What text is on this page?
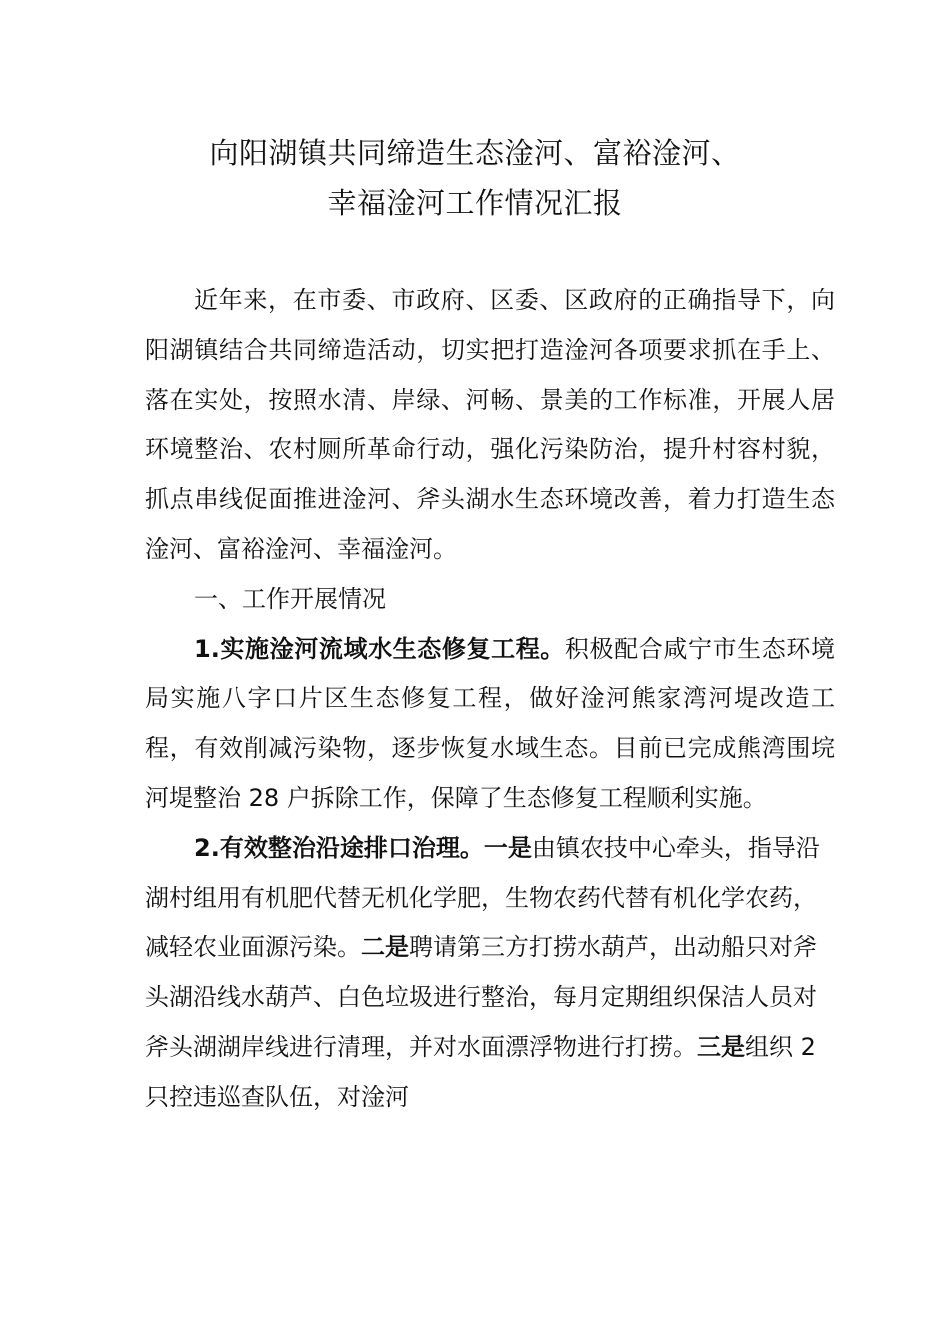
向阳湖镇共同缔造生态淦河、富裕淦河、
幸福淦河工作情况汇报

近年来，在市委、市政府、区委、区政府的正确指导下，向阳湖镇结合共同缔造活动，切实把打造淦河各项要求抓在手上、落在实处，按照水清、岸绿、河畅、景美的工作标准，开展人居环境整治、农村厕所革命行动，强化污染防治，提升村容村貌，抓点串线促面推进淦河、斧头湖水生态环境改善，着力打造生态淦河、富裕淦河、幸福淦河。

一、工作开展情况

1.实施淦河流域水生态修复工程。积极配合咸宁市生态环境局实施八字口片区生态修复工程，做好淦河熊家湾河堤改造工程，有效削减污染物，逐步恢复水域生态。目前已完成熊湾围垸河堤整治 28 户拆除工作，保障了生态修复工程顺利实施。

2.有效整治沿途排口治理。一是由镇农技中心牵头，指导沿湖村组用有机肥代替无机化学肥，生物农药代替有机化学农药，减轻农业面源污染。二是聘请第三方打捞水葫芦，出动船只对斧头湖沿线水葫芦、白色垃圾进行整治，每月定期组织保洁人员对斧头湖湖岸线进行清理，并对水面漂浮物进行打捞。三是组织 2 只控违巡查队伍，对淦河
